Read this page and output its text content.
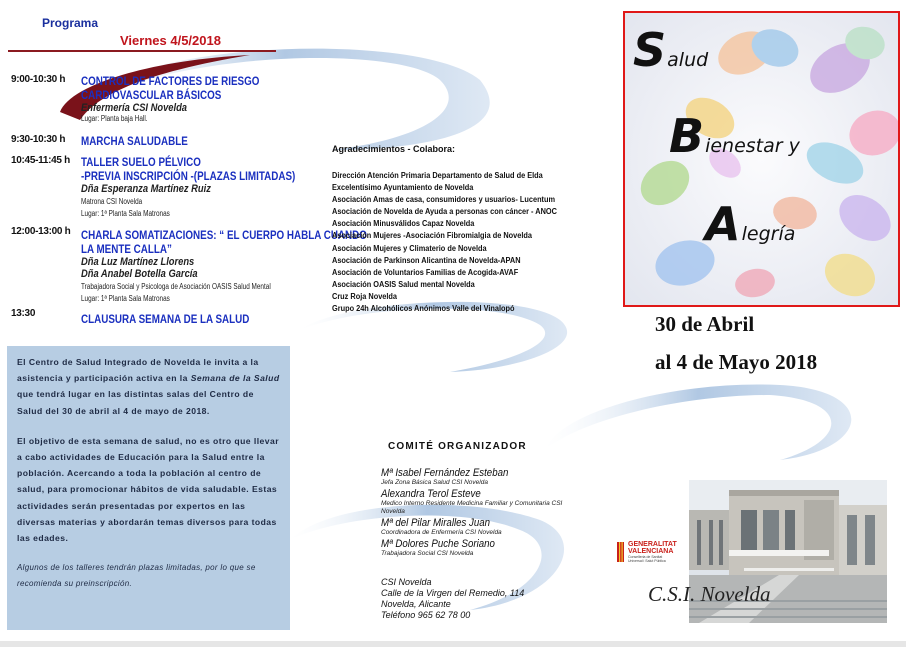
Programa
Viernes 4/5/2018
9:00-10:30 h CONTROL DE FACTORES DE RIESGO
CARDIOVASCULAR BÁSICOS
Enfermería CSI Novelda
Lugar: Planta baja Hall.
9:30-10:30 h MARCHA SALUDABLE
10:45-11:45 h TALLER SUELO PÉLVICO
-PREVIA INSCRIPCIÓN -(PLAZAS LIMITADAS)
Dña Esperanza Martínez Ruiz
Matrona CSI Novelda
Lugar: 1ª Planta Sala Matronas
12:00-13:00 h CHARLA SOMATIZACIONES: “ EL CUERPO HABLA CUANDO
LA MENTE CALLA”
Dña Luz Martínez Llorens
Dña Anabel Botella García
Trabajadora Social y Psicologa de Asociación OASIS Salud Mental
Lugar: 1ª Planta Sala Matronas
13:30	CLAUSURA SEMANA DE LA SALUD
Agradecimientos - Colabora:
Dirección Atención Primaria Departamento de Salud de Elda
Excelentísimo Ayuntamiento de Novelda
Asociación Amas de casa, consumidores y usuarios- Lucentum
Asociación de Novelda de Ayuda a personas con cáncer - ANOC
Asociación Minusválidos Capaz Novelda
Asociación Mujeres -Asociación Fibromialgia de Novelda
Asociación Mujeres y Climaterio de Novelda
Asociación de Parkinson Alicantina de Novelda-APAN
Asociación de Voluntarios Familias de Acogida-AVAF
Asociación OASIS Salud mental Novelda
Cruz Roja Novelda
Grupo 24h Alcohólicos Anónimos Valle del Vinalopó
Salud
Bienestar y
Alegría
30 de Abril
al 4 de Mayo 2018

El Centro de Salud Integrado de Novelda le invita a la asistencia y participación activa en la Semana de la Salud que tendrá lugar en las distintas salas del Centro de Salud del 30 de abril al 4 de mayo de 2018.

El objetivo de esta semana de salud, no es otro que llevar a cabo actividades de Educación para la Salud entre la población. Acercando a toda la población al centro de salud, para promocionar hábitos de vida saludable. Estas actividades serán presentadas por expertos en las diversas materias y abordarán temas diversos para todas las edades.

Algunos de los talleres tendrán plazas limitadas, por lo que se recomienda su preinscripción.

COMITÉ ORGANIZADOR
Mª Isabel Fernández Esteban
Jefa Zona Básica Salud CSI Novelda
Alexandra Terol Esteve
Medico Interno Residente Medicina Familiar y Comunitaria CSI Novelda
Mª del Pilar Miralles Juan
Coordinadora de Enfermería CSI Novelda
Mª Dolores Puche Soriano
Trabajadora Social CSI Novelda
CSI Novelda
Calle de la Virgen del Remedio, 114
Novelda, Alicante
Teléfono 965 62 78 00
GENERALITAT
VALENCIANA
Conselleria de Sanitat
Universal i Salut Pública
C.S.I. Novelda
